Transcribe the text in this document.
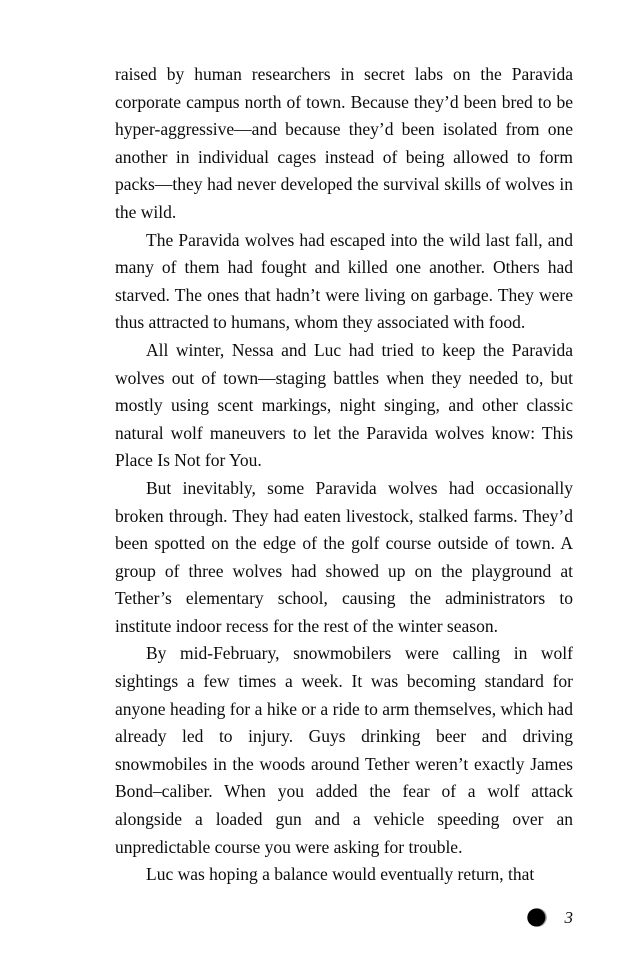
raised by human researchers in secret labs on the Paravida corporate campus north of town. Because they’d been bred to be hyper-aggressive—and because they’d been isolated from one another in individual cages instead of being allowed to form packs—they had never developed the survival skills of wolves in the wild.

The Paravida wolves had escaped into the wild last fall, and many of them had fought and killed one another. Others had starved. The ones that hadn’t were living on garbage. They were thus attracted to humans, whom they associated with food.

All winter, Nessa and Luc had tried to keep the Paravida wolves out of town—staging battles when they needed to, but mostly using scent markings, night singing, and other classic natural wolf maneuvers to let the Paravida wolves know: This Place Is Not for You.

But inevitably, some Paravida wolves had occasionally broken through. They had eaten livestock, stalked farms. They’d been spotted on the edge of the golf course outside of town. A group of three wolves had showed up on the playground at Tether’s elementary school, causing the administrators to institute indoor recess for the rest of the winter season.

By mid-February, snowmobilers were calling in wolf sightings a few times a week. It was becoming standard for anyone heading for a hike or a ride to arm themselves, which had already led to injury. Guys drinking beer and driving snowmobiles in the woods around Tether weren’t exactly James Bond–caliber. When you added the fear of a wolf attack alongside a loaded gun and a vehicle speeding over an unpredictable course you were asking for trouble.

Luc was hoping a balance would eventually return, that

3
